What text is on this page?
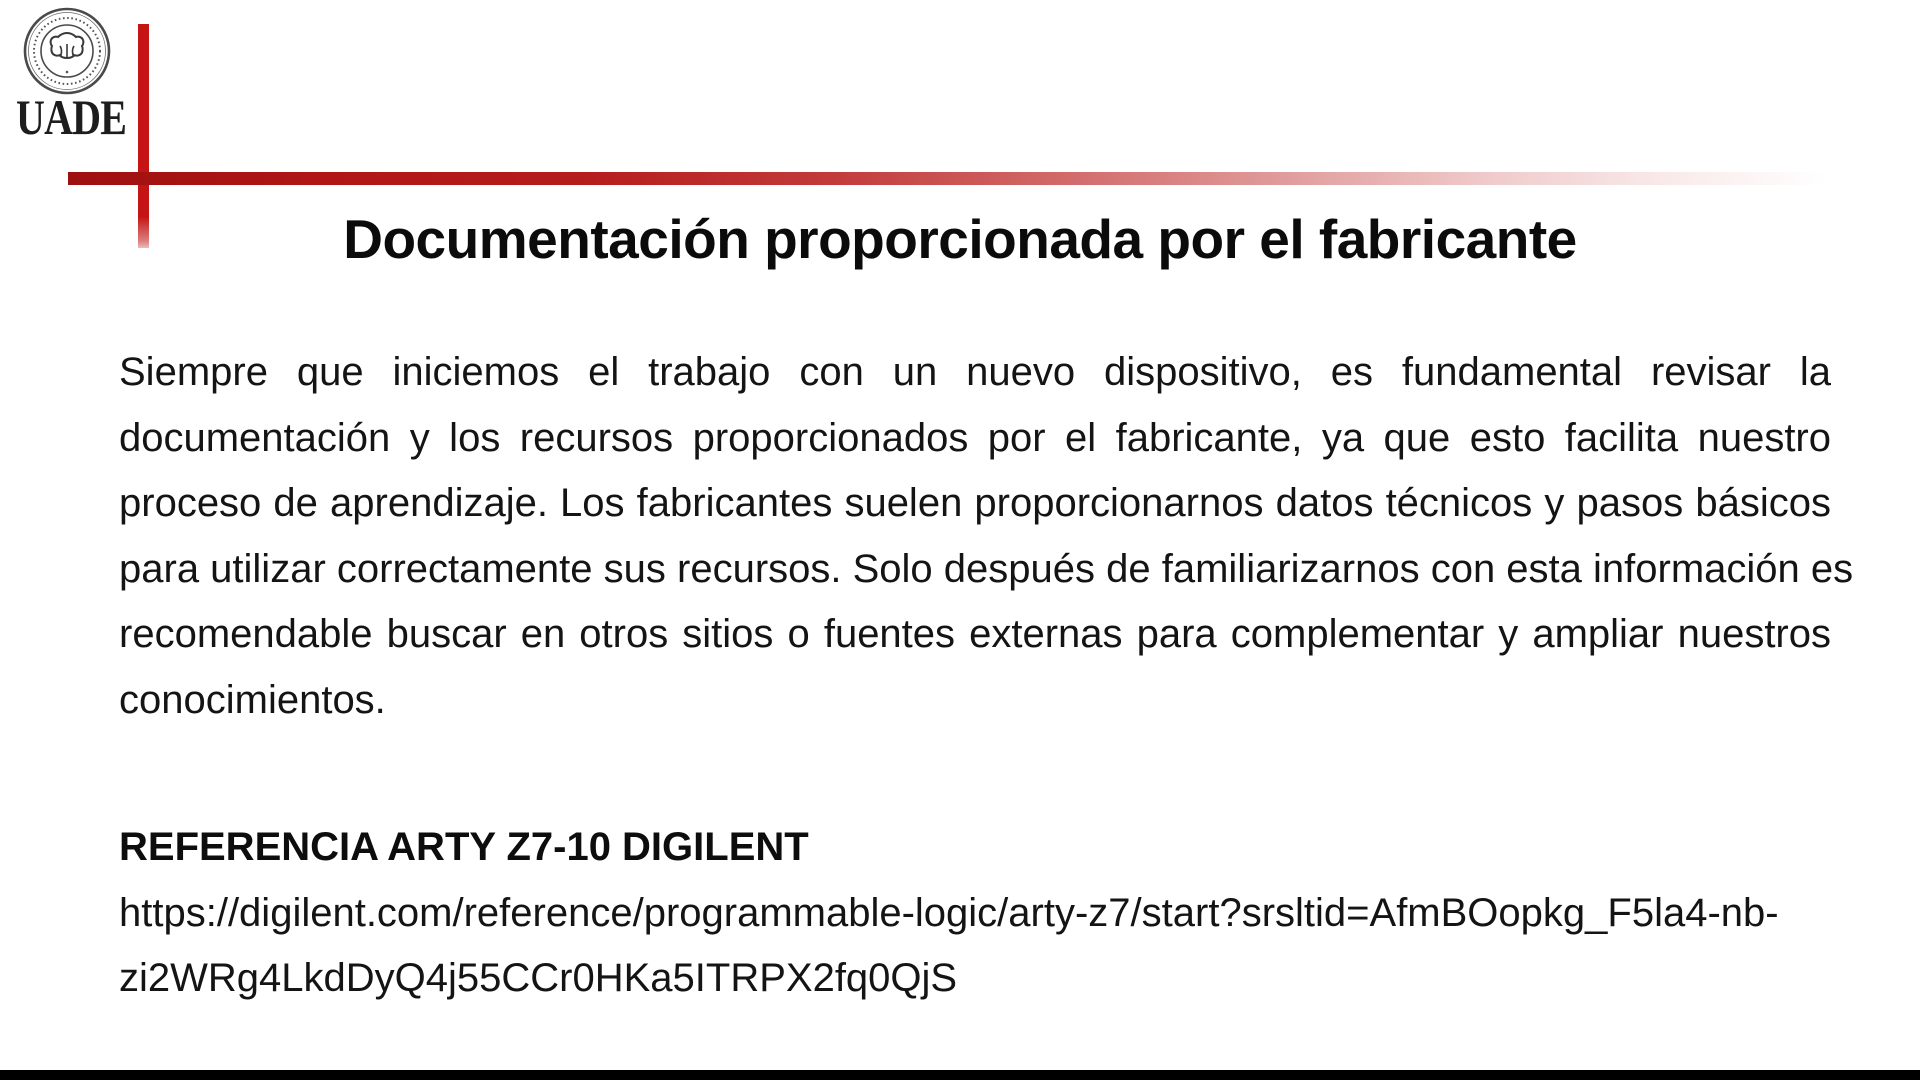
UADE
Documentación proporcionada por el fabricante
Siempre que iniciemos el trabajo con un nuevo dispositivo, es fundamental revisar la
documentación y los recursos proporcionados por el fabricante, ya que esto facilita nuestro
proceso de aprendizaje. Los fabricantes suelen proporcionarnos datos técnicos y pasos básicos
para utilizar correctamente sus recursos. Solo después de familiarizarnos con esta información es
recomendable buscar en otros sitios o fuentes externas para complementar y ampliar nuestros
conocimientos.
REFERENCIA ARTY Z7-10 DIGILENT
https://digilent.com/reference/programmable-logic/arty-z7/start?srsltid=AfmBOopkg_F5la4-nb-
zi2WRg4LkdDyQ4j55CCr0HKa5ITRPX2fq0QjS
